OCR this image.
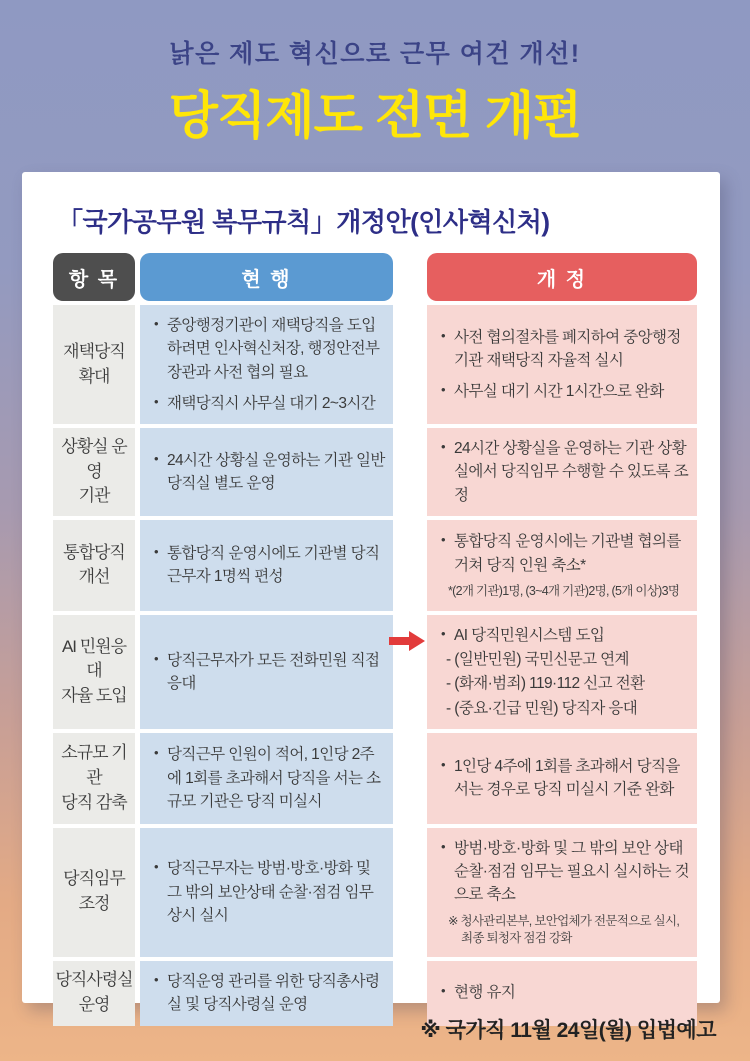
낡은 제도 혁신으로 근무 여건 개선!
당직제도 전면 개편
「국가공무원 복무규칙」개정안(인사혁신처)
항 목	현 행	개 정
재택당직
확대
• 중앙행정기관이 재택당직을 도입하려면 인사혁신처장, 행정안전부 장관과 사전 협의 필요
• 재택당직시 사무실 대기 2~3시간
• 사전 협의절차를 폐지하여 중앙행정기관 재택당직 자율적 실시
• 사무실 대기 시간 1시간으로 완화
상황실 운영
기관
• 24시간 상황실 운영하는 기관 일반 당직실 별도 운영
• 24시간 상황실을 운영하는 기관 상황실에서 당직임무 수행할 수 있도록 조정
통합당직
개선
• 통합당직 운영시에도 기관별 당직 근무자 1명씩 편성
• 통합당직 운영시에는 기관별 협의를 거쳐 당직 인원 축소*
*(2개 기관)1명, (3~4개 기관)2명, (5개 이상)3명
AI 민원응대
자율 도입
• 당직근무자가 모든 전화민원 직접 응대
• AI 당직민원시스템 도입
- (일반민원) 국민신문고 연계
- (화재·범죄) 119·112 신고 전환
- (중요·긴급 민원) 당직자 응대
소규모 기관
당직 감축
• 당직근무 인원이 적어, 1인당 2주에 1회를 초과해서 당직을 서는 소규모 기관은 당직 미실시
• 1인당 4주에 1회를 초과해서 당직을 서는 경우로 당직 미실시 기준 완화
당직임무
조정
• 당직근무자는 방범·방호·방화 및 그 밖의 보안상태 순찰·점검 임무 상시 실시
• 방범·방호·방화 및 그 밖의 보안 상태 순찰·점검 임무는 필요시 실시하는 것으로 축소
※ 청사관리본부, 보안업체가 전문적으로 실시, 최종 퇴청자 점검 강화
당직사령실
운영
• 당직운영 관리를 위한 당직총사령실 및 당직사령실 운영
• 현행 유지
※ 국가직 11월 24일(월) 입법예고
